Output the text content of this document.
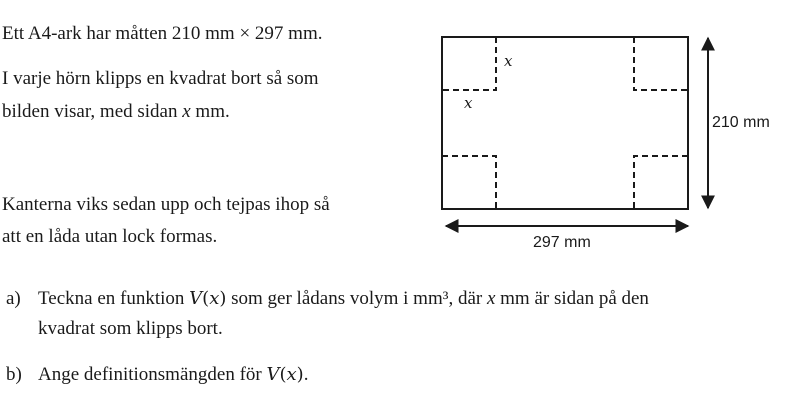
Ett A4-ark har måtten 210 mm × 297 mm.

I varje hörn klipps en kvadrat bort så som

bilden visar, med sidan x mm.

Kanterna viks sedan upp och tejpas ihop så

att en låda utan lock formas.

x
x
210 mm
297 mm
a) Teckna en funktion V(x) som ger lådans volym i mm³, där x mm är sidan på den

kvadrat som klipps bort.

b) Ange definitionsmängden för V(x).
